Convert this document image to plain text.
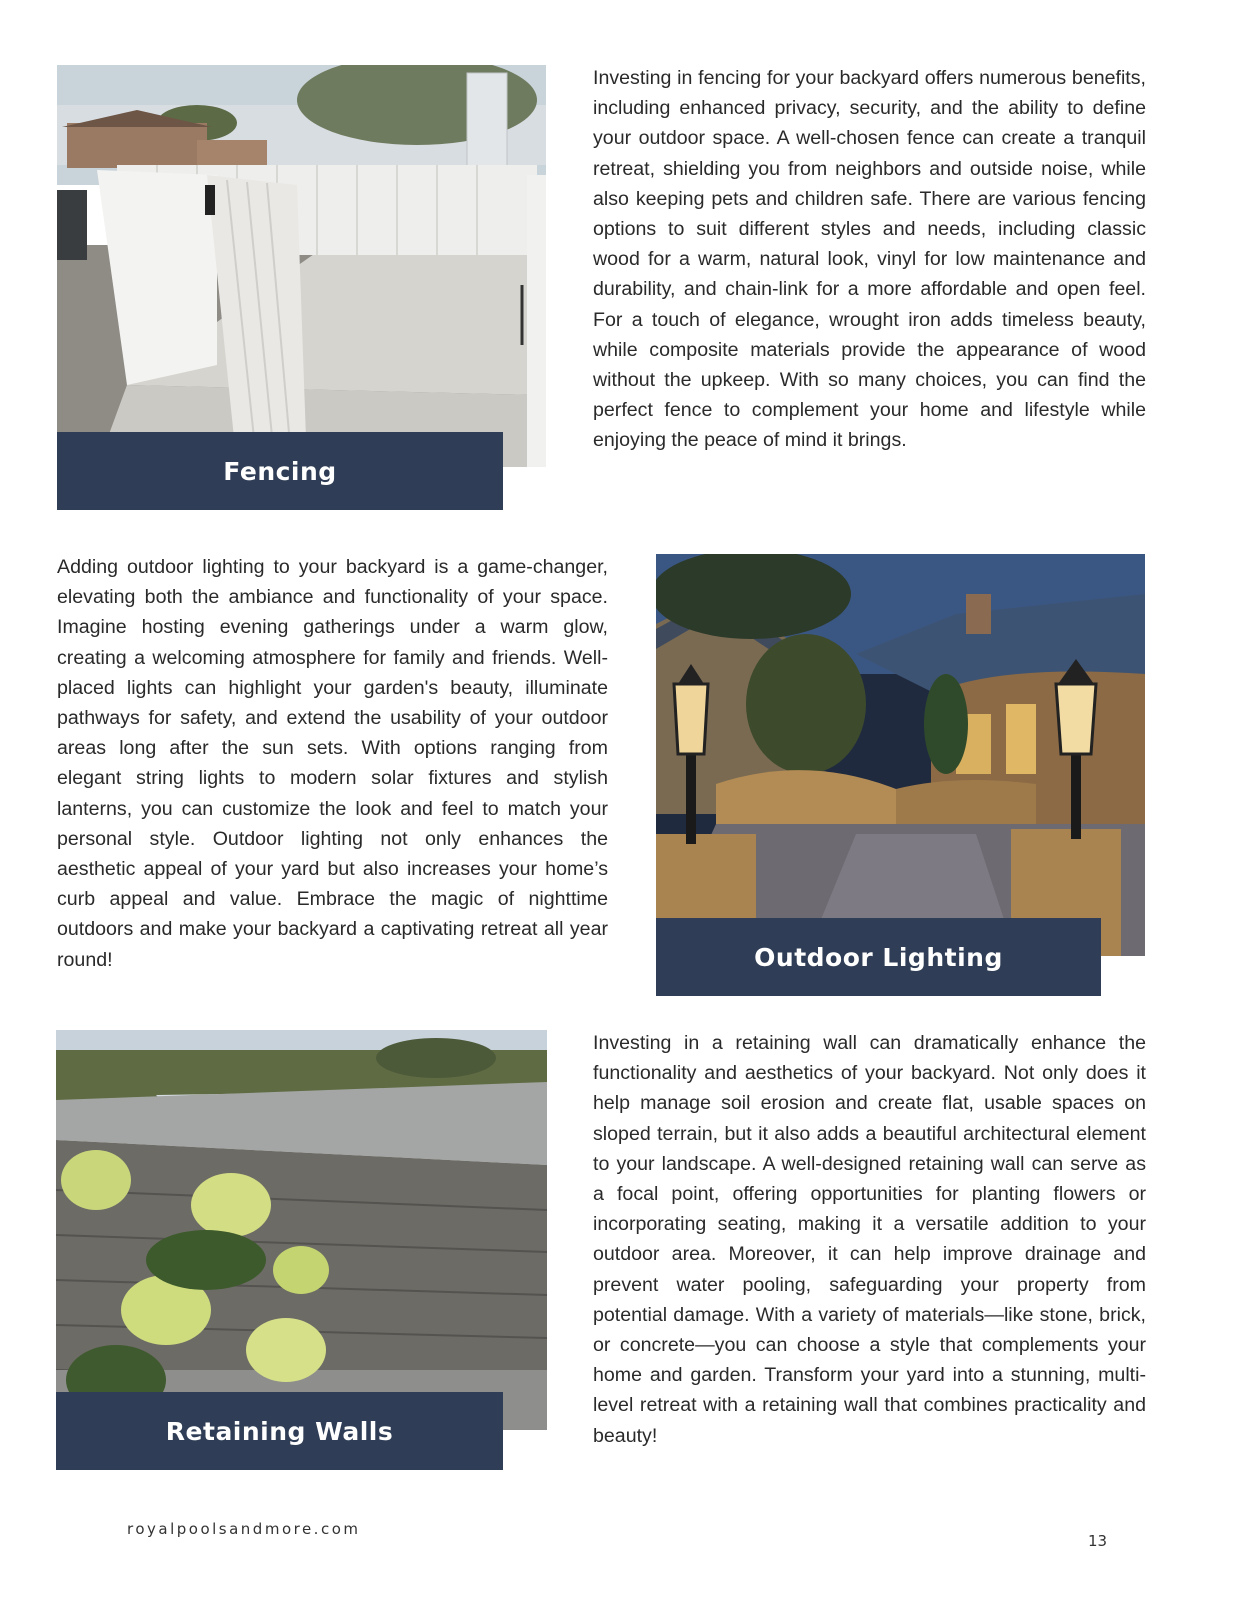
Fencing

Investing in fencing for your backyard offers numerous benefits, including enhanced privacy, security, and the ability to define your outdoor space. A well-chosen fence can create a tranquil retreat, shielding you from neighbors and outside noise, while also keeping pets and children safe. There are various fencing options to suit different styles and needs, including classic wood for a warm, natural look, vinyl for low maintenance and durability, and chain-link for a more affordable and open feel. For a touch of elegance, wrought iron adds timeless beauty, while composite materials provide the appearance of wood without the upkeep. With so many choices, you can find the perfect fence to complement your home and lifestyle while enjoying the peace of mind it brings.

Adding outdoor lighting to your backyard is a game-changer, elevating both the ambiance and functionality of your space. Imagine hosting evening gatherings under a warm glow, creating a welcoming atmosphere for family and friends. Well-placed lights can highlight your garden's beauty, illuminate pathways for safety, and extend the usability of your outdoor areas long after the sun sets. With options ranging from elegant string lights to modern solar fixtures and stylish lanterns, you can customize the look and feel to match your personal style. Outdoor lighting not only enhances the aesthetic appeal of your yard but also increases your home’s curb appeal and value. Embrace the magic of nighttime outdoors and make your backyard a captivating retreat all year round!	Outdoor Lighting
Retaining Walls

Investing in a retaining wall can dramatically enhance the functionality and aesthetics of your backyard. Not only does it help manage soil erosion and create flat, usable spaces on sloped terrain, but it also adds a beautiful architectural element to your landscape. A well-designed retaining wall can serve as a focal point, offering opportunities for planting flowers or incorporating seating, making it a versatile addition to your outdoor area. Moreover, it can help improve drainage and prevent water pooling, safeguarding your property from potential damage. With a variety of materials—like stone, brick, or concrete—you can choose a style that complements your home and garden. Transform your yard into a stunning, multi-level retreat with a retaining wall that combines practicality and beauty!

royalpoolsandmore.com
13
